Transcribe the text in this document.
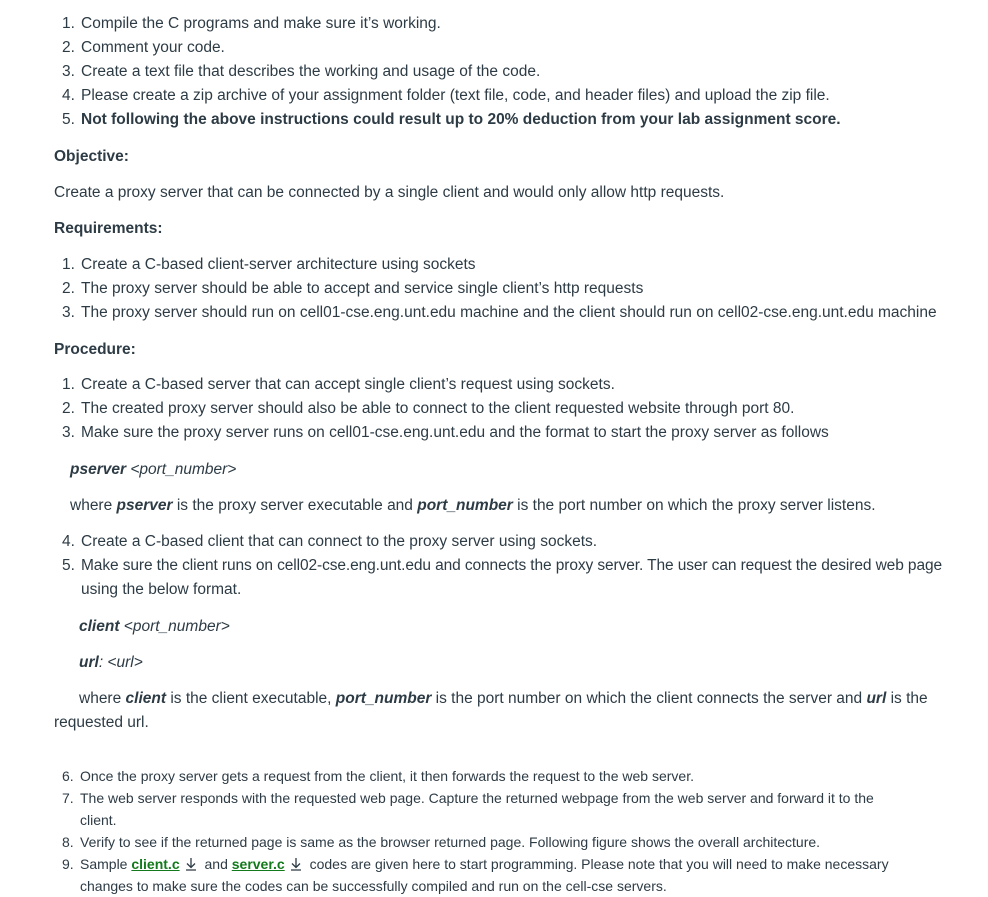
1. Compile the C programs and make sure it’s working.
2. Comment your code.
3. Create a text file that describes the working and usage of the code.
4. Please create a zip archive of your assignment folder (text file, code, and header files) and upload the zip file.
5. Not following the above instructions could result up to 20% deduction from your lab assignment score.
Objective:
Create a proxy server that can be connected by a single client and would only allow http requests.
Requirements:
1. Create a C-based client-server architecture using sockets
2. The proxy server should be able to accept and service single client’s http requests
3. The proxy server should run on cell01-cse.eng.unt.edu machine and the client should run on cell02-cse.eng.unt.edu machine
Procedure:
1. Create a C-based server that can accept single client’s request using sockets.
2. The created proxy server should also be able to connect to the client requested website through port 80.
3. Make sure the proxy server runs on cell01-cse.eng.unt.edu and the format to start the proxy server as follows
pserver <port_number>
where pserver is the proxy server executable and port_number is the port number on which the proxy server listens.
4. Create a C-based client that can connect to the proxy server using sockets.
5. Make sure the client runs on cell02-cse.eng.unt.edu and connects the proxy server. The user can request the desired web page
using the below format.
client <port_number>
url: <url>
where client is the client executable, port_number is the port number on which the client connects the server and url is the
requested url.
6. Once the proxy server gets a request from the client, it then forwards the request to the web server.
7. The web server responds with the requested web page. Capture the returned webpage from the web server and forward it to the
client.
8. Verify to see if the returned page is same as the browser returned page. Following figure shows the overall architecture.
9. Sample client.c and server.c codes are given here to start programming. Please note that you will need to make necessary
changes to make sure the codes can be successfully compiled and run on the cell-cse servers.
